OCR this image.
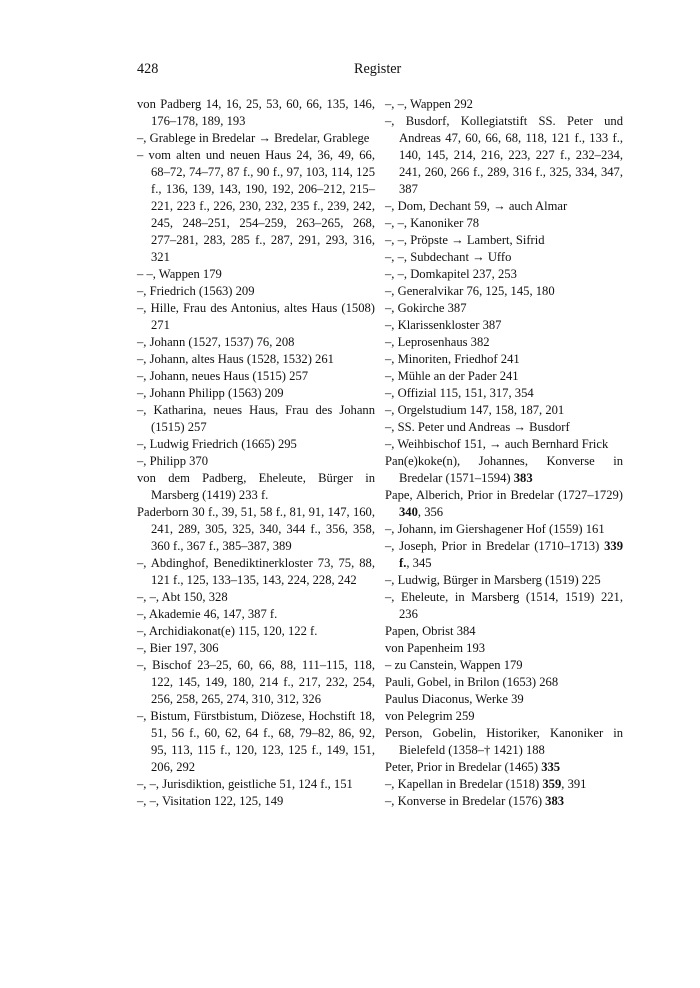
428	Register

von Padberg 14, 16, 25, 53, 60, 66, 135, 146, 176–178, 189, 193

–, Grablege in Bredelar → Bredelar, Grablege

– vom alten und neuen Haus 24, 36, 49, 66, 68–72, 74–77, 87 f., 90 f., 97, 103, 114, 125 f., 136, 139, 143, 190, 192, 206–212, 215–221, 223 f., 226, 230, 232, 235 f., 239, 242, 245, 248–251, 254–259, 263–265, 268, 277–281, 283, 285 f., 287, 291, 293, 316, 321

– –, Wappen 179

–, Friedrich (1563) 209

–, Hille, Frau des Antonius, altes Haus (1508) 271

–, Johann (1527, 1537) 76, 208

–, Johann, altes Haus (1528, 1532) 261

–, Johann, neues Haus (1515) 257

–, Johann Philipp (1563) 209

–, Katharina, neues Haus, Frau des Johann (1515) 257

–, Ludwig Friedrich (1665) 295

–, Philipp 370

von dem Padberg, Eheleute, Bürger in Marsberg (1419) 233 f.

Paderborn 30 f., 39, 51, 58 f., 81, 91, 147, 160, 241, 289, 305, 325, 340, 344 f., 356, 358, 360 f., 367 f., 385–387, 389

–, Abdinghof, Benediktinerkloster 73, 75, 88, 121 f., 125, 133–135, 143, 224, 228, 242

–, –, Abt 150, 328

–, Akademie 46, 147, 387 f.

–, Archidiakonat(e) 115, 120, 122 f.

–, Bier 197, 306

–, Bischof 23–25, 60, 66, 88, 111–115, 118, 122, 145, 149, 180, 214 f., 217, 232, 254, 256, 258, 265, 274, 310, 312, 326

–, Bistum, Fürstbistum, Diözese, Hochstift 18, 51, 56 f., 60, 62, 64 f., 68, 79–82, 86, 92, 95, 113, 115 f., 120, 123, 125 f., 149, 151, 206, 292

–, –, Jurisdiktion, geistliche 51, 124 f., 151

–, –, Visitation 122, 125, 149

–, –, Wappen 292

–, Busdorf, Kollegiatstift SS. Peter und Andreas 47, 60, 66, 68, 118, 121 f., 133 f., 140, 145, 214, 216, 223, 227 f., 232–234, 241, 260, 266 f., 289, 316 f., 325, 334, 347, 387

–, Dom, Dechant 59, → auch Almar

–, –, Kanoniker 78

–, –, Pröpste → Lambert, Sifrid

–, –, Subdechant → Uffo

–, –, Domkapitel 237, 253

–, Generalvikar 76, 125, 145, 180

–, Gokirche 387

–, Klarissenkloster 387

–, Leprosenhaus 382

–, Minoriten, Friedhof 241

–, Mühle an der Pader 241

–, Offizial 115, 151, 317, 354

–, Orgelstudium 147, 158, 187, 201

–, SS. Peter und Andreas → Busdorf

–, Weihbischof 151, → auch Bernhard Frick

Pan(e)koke(n), Johannes, Konverse in Bredelar (1571–1594) 383

Pape, Alberich, Prior in Bredelar (1727–1729) 340, 356

–, Johann, im Giershagener Hof (1559) 161

–, Joseph, Prior in Bredelar (1710–1713) 339 f., 345

–, Ludwig, Bürger in Marsberg (1519) 225

–, Eheleute, in Marsberg (1514, 1519) 221, 236

Papen, Obrist 384

von Papenheim 193

– zu Canstein, Wappen 179

Pauli, Gobel, in Brilon (1653) 268

Paulus Diaconus, Werke 39

von Pelegrim 259

Person, Gobelin, Historiker, Kanoniker in Bielefeld (1358–† 1421) 188

Peter, Prior in Bredelar (1465) 335

–, Kapellan in Bredelar (1518) 359, 391

–, Konverse in Bredelar (1576) 383
